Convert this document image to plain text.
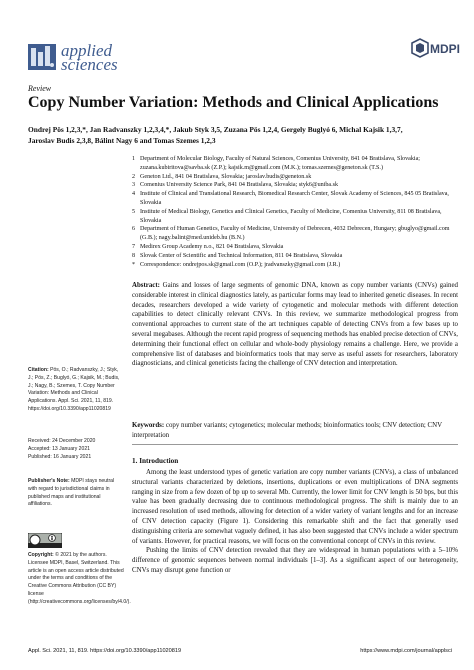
applied
sciences
MDPI
Review
Copy Number Variation: Methods and Clinical Applications
Ondrej Pös 1,2,3,*, Jan Radvanszky 1,2,3,4,*, Jakub Styk 3,5, Zuzana Pös 1,2,4, Gergely Buglyó 6, Michal Kajsik 1,3,7,
Jaroslav Budis 2,3,8, Bálint Nagy 6 and Tomas Szemes 1,2,3
1 Department of Molecular Biology, Faculty of Natural Sciences, Comenius University, 841 04 Bratislava, Slovakia; zuzana.kubiritova@savba.sk (Z.P.); kajsik.m@gmail.com (M.K.); tomas.szemes@geneton.sk (T.S.)
2 Geneton Ltd., 841 04 Bratislava, Slovakia; jaroslav.budis@geneton.sk
3 Comenius University Science Park, 841 04 Bratislava, Slovakia; styk6@uniba.sk
4 Institute of Clinical and Translational Research, Biomedical Research Center, Slovak Academy of Sciences, 845 05 Bratislava, Slovakia
5 Institute of Medical Biology, Genetics and Clinical Genetics, Faculty of Medicine, Comenius University, 811 08 Bratislava, Slovakia
6 Department of Human Genetics, Faculty of Medicine, University of Debrecen, 4032 Debrecen, Hungary; gbuglyo@gmail.com (G.B.); nagy.balint@med.unideb.hu (B.N.)
7 Medirex Group Academy n.o., 821 04 Bratislava, Slovakia
8 Slovak Center of Scientific and Technical Information, 811 04 Bratislava, Slovakia
* Correspondence: ondrejpos.sk@gmail.com (O.P.); jradvanszky@gmail.com (J.R.)
Abstract: Gains and losses of large segments of genomic DNA, known as copy number variants (CNVs) gained considerable interest in clinical diagnostics lately, as particular forms may lead to inherited genetic diseases. In recent decades, researchers developed a wide variety of cytogenetic and molecular methods with different detection capabilities to detect clinically relevant CNVs. In this review, we summarize methodological progress from conventional approaches to current state of the art techniques capable of detecting CNVs from a few bases up to several megabases. Although the recent rapid progress of sequencing methods has enabled precise detection of CNVs, determining their functional effect on cellular and whole-body physiology remains a challenge. Here, we provide a comprehensive list of databases and bioinformatics tools that may serve as useful assets for researchers, laboratory diagnosticians, and clinical geneticists facing the challenge of CNV detection and interpretation.
Keywords: copy number variants; cytogenetics; molecular methods; bioinformatics tools; CNV detection; CNV interpretation
Citation: Pös, O.; Radvanszky, J.; Styk, J.; Pös, Z.; Buglyó, G.; Kajsik, M.; Budis, J.; Nagy, B.; Szemes, T. Copy Number Variation: Methods and Clinical Applications. Appl. Sci. 2021, 11, 819. https://doi.org/10.3390/app11020819
Received: 24 December 2020
Accepted: 13 January 2021
Published: 16 January 2021
Publisher's Note: MDPI stays neutral with regard to jurisdictional claims in published maps and institutional affiliations.
Copyright: © 2021 by the authors. Licensee MDPI, Basel, Switzerland. This article is an open access article distributed under the terms and conditions of the Creative Commons Attribution (CC BY) license (http://creativecommons.org/licenses/by/4.0/).
1. Introduction

Among the least understood types of genetic variation are copy number variants (CNVs), a class of unbalanced structural variants characterized by deletions, insertions, duplications or even multiplications of DNA segments ranging in size from a few dozen of bp up to several Mb. Currently, the lower limit for CNV length is 50 bps, but this value has been gradually decreasing due to continuous methodological progress. The shift is mainly due to an increased resolution of used methods, allowing for detection of a wider variety of variant lengths and for an increase of CNV detection capacity (Figure 1). Considering this remarkable shift and the fact that generally used distinguishing criteria are somewhat vaguely defined, it has also been suggested that CNVs include a wider spectrum of variants. However, for practical reasons, we will focus on the conventional concept of CNVs in this review.

Pushing the limits of CNV detection revealed that they are widespread in human populations with a 5–10% difference of genomic sequences between normal individuals [1–3]. As a significant aspect of our heterogeneity, CNVs may disrupt gene function or

Appl. Sci. 2021, 11, 819. https://doi.org/10.3390/app11020819	https://www.mdpi.com/journal/applsci
